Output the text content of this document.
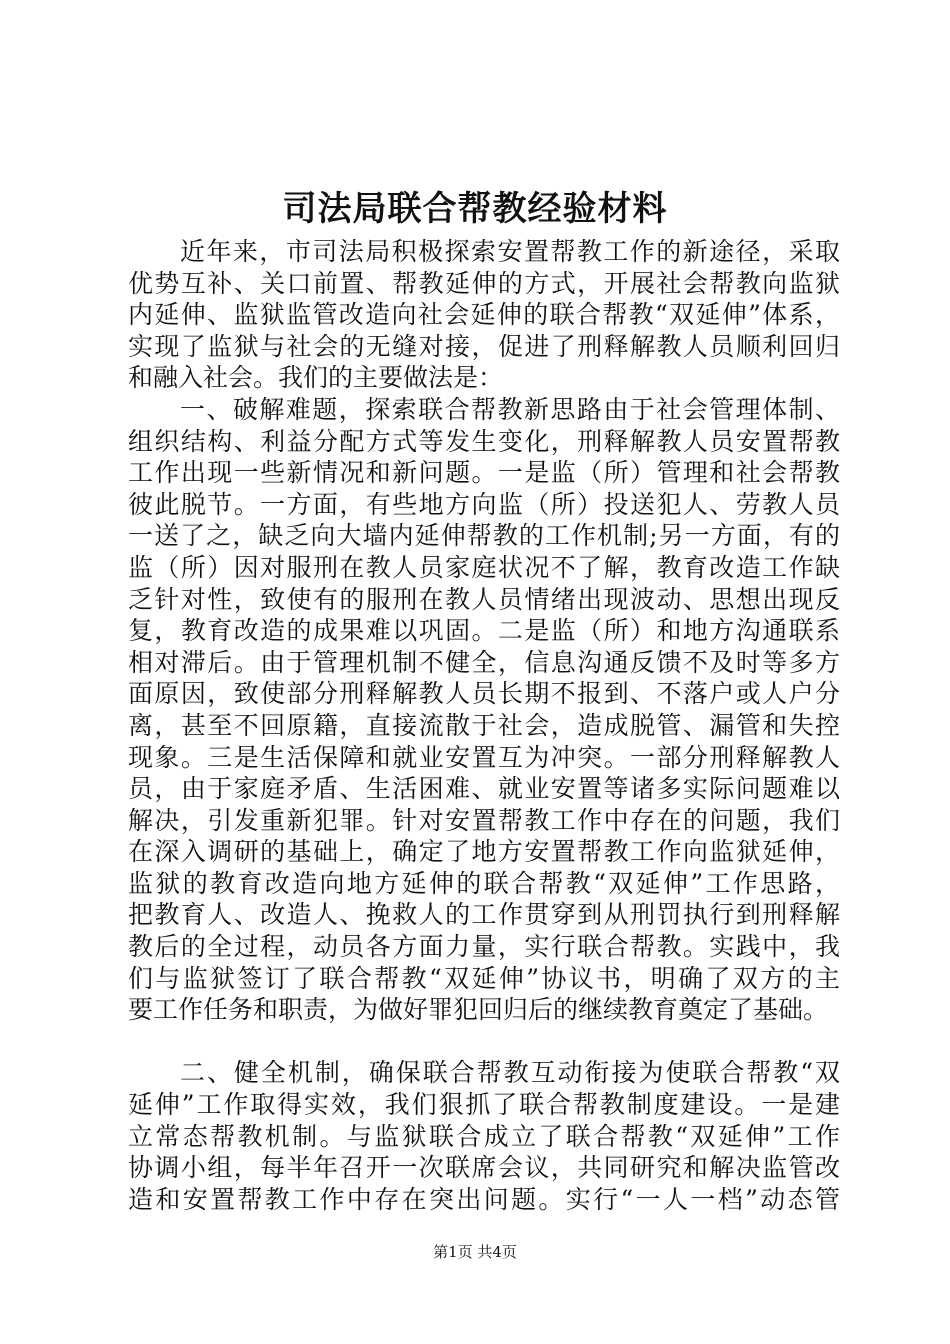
司法局联合帮教经验材料
近年来，市司法局积极探索安置帮教工作的新途径，采取
优势互补、关口前置、帮教延伸的方式，开展社会帮教向监狱
内延伸、监狱监管改造向社会延伸的联合帮教“双延伸”体系，
实现了监狱与社会的无缝对接，促进了刑释解教人员顺利回归
和融入社会。我们的主要做法是：
一、破解难题，探索联合帮教新思路由于社会管理体制、
组织结构、利益分配方式等发生变化，刑释解教人员安置帮教
工作出现一些新情况和新问题。一是监（所）管理和社会帮教
彼此脱节。一方面，有些地方向监（所）投送犯人、劳教人员
一送了之，缺乏向大墙内延伸帮教的工作机制;另一方面，有的
监（所）因对服刑在教人员家庭状况不了解，教育改造工作缺
乏针对性，致使有的服刑在教人员情绪出现波动、思想出现反
复，教育改造的成果难以巩固。二是监（所）和地方沟通联系
相对滞后。由于管理机制不健全，信息沟通反馈不及时等多方
面原因，致使部分刑释解教人员长期不报到、不落户或人户分
离，甚至不回原籍，直接流散于社会，造成脱管、漏管和失控
现象。三是生活保障和就业安置互为冲突。一部分刑释解教人
员，由于家庭矛盾、生活困难、就业安置等诸多实际问题难以
解决，引发重新犯罪。针对安置帮教工作中存在的问题，我们
在深入调研的基础上，确定了地方安置帮教工作向监狱延伸，
监狱的教育改造向地方延伸的联合帮教“双延伸”工作思路，
把教育人、改造人、挽救人的工作贯穿到从刑罚执行到刑释解
教后的全过程，动员各方面力量，实行联合帮教。实践中，我
们与监狱签订了联合帮教“双延伸”协议书，明确了双方的主
要工作任务和职责，为做好罪犯回归后的继续教育奠定了基础。
二、健全机制，确保联合帮教互动衔接为使联合帮教“双
延伸”工作取得实效，我们狠抓了联合帮教制度建设。一是建
立常态帮教机制。与监狱联合成立了联合帮教“双延伸”工作
协调小组，每半年召开一次联席会议，共同研究和解决监管改
造和安置帮教工作中存在突出问题。实行“一人一档”动态管
第1页 共4页
